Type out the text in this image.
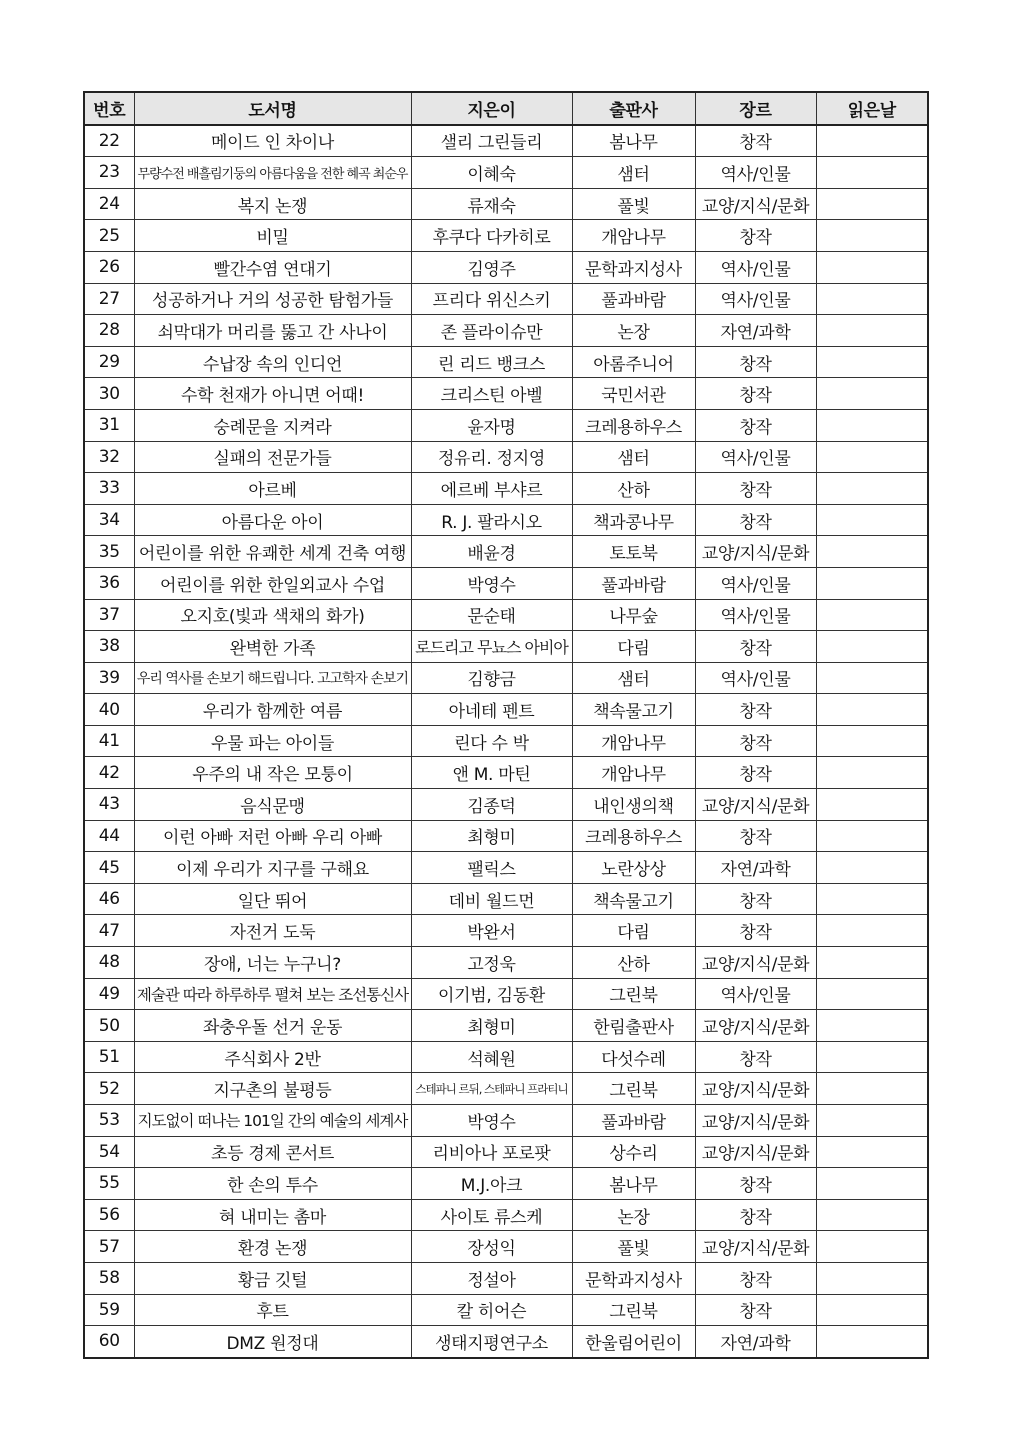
번호	도서명	지은이	출판사	장르	읽은날
22	메이드 인 차이나	샐리 그린들리	봄나무	창작	
23	무량수전 배흘림기둥의 아름다움을 전한 혜곡 최순우	이혜숙	샘터	역사/인물	
24	복지 논쟁	류재숙	풀빛	교양/지식/문화	
25	비밀	후쿠다 다카히로	개암나무	창작	
26	빨간수염 연대기	김영주	문학과지성사	역사/인물	
27	성공하거나 거의 성공한 탐험가들	프리다 위신스키	풀과바람	역사/인물	
28	쇠막대가 머리를 뚫고 간 사나이	존 플라이슈만	논장	자연/과학	
29	수납장 속의 인디언	린 리드 뱅크스	아롬주니어	창작	
30	수학 천재가 아니면 어때!	크리스틴 아벨	국민서관	창작	
31	숭례문을 지켜라	윤자명	크레용하우스	창작	
32	실패의 전문가들	정유리. 정지영	샘터	역사/인물	
33	아르베	에르베 부샤르	산하	창작	
34	아름다운 아이	R. J. 팔라시오	책과콩나무	창작	
35	어린이를 위한 유쾌한 세계 건축 여행	배윤경	토토북	교양/지식/문화	
36	어린이를 위한 한일외교사 수업	박영수	풀과바람	역사/인물	
37	오지호(빛과 색채의 화가)	문순태	나무숲	역사/인물	
38	완벽한 가족	로드리고 무뇨스 아비아	다림	창작	
39	우리 역사를 손보기 해드립니다. 고고학자 손보기	김향금	샘터	역사/인물	
40	우리가 함께한 여름	아네테 펜트	책속물고기	창작	
41	우물 파는 아이들	린다 수 박	개암나무	창작	
42	우주의 내 작은 모퉁이	앤 M. 마틴	개암나무	창작	
43	음식문맹	김종덕	내인생의책	교양/지식/문화	
44	이런 아빠 저런 아빠 우리 아빠	최형미	크레용하우스	창작	
45	이제 우리가 지구를 구해요	팰릭스	노란상상	자연/과학	
46	일단 뛰어	데비 월드먼	책속물고기	창작	
47	자전거 도둑	박완서	다림	창작	
48	장애, 너는 누구니?	고정욱	산하	교양/지식/문화	
49	제술관 따라 하루하루 펼쳐 보는 조선통신사	이기범, 김동환	그린북	역사/인물	
50	좌충우돌 선거 운동	최형미	한림출판사	교양/지식/문화	
51	주식회사 2반	석혜원	다섯수레	창작	
52	지구촌의 불평등	스테파니 르뒤, 스테파니 프라티니	그린북	교양/지식/문화	
53	지도없이 떠나는 101일 간의 예술의 세계사	박영수	풀과바람	교양/지식/문화	
54	초등 경제 콘서트	리비아나 포로팟	상수리	교양/지식/문화	
55	한 손의 투수	M.J.아크	봄나무	창작	
56	혀 내미는 촘마	사이토 류스케	논장	창작	
57	환경 논쟁	장성익	풀빛	교양/지식/문화	
58	황금 깃털	정설아	문학과지성사	창작	
59	후트	칼 히어슨	그린북	창작	
60	DMZ 원정대	생태지평연구소	한울림어린이	자연/과학	
